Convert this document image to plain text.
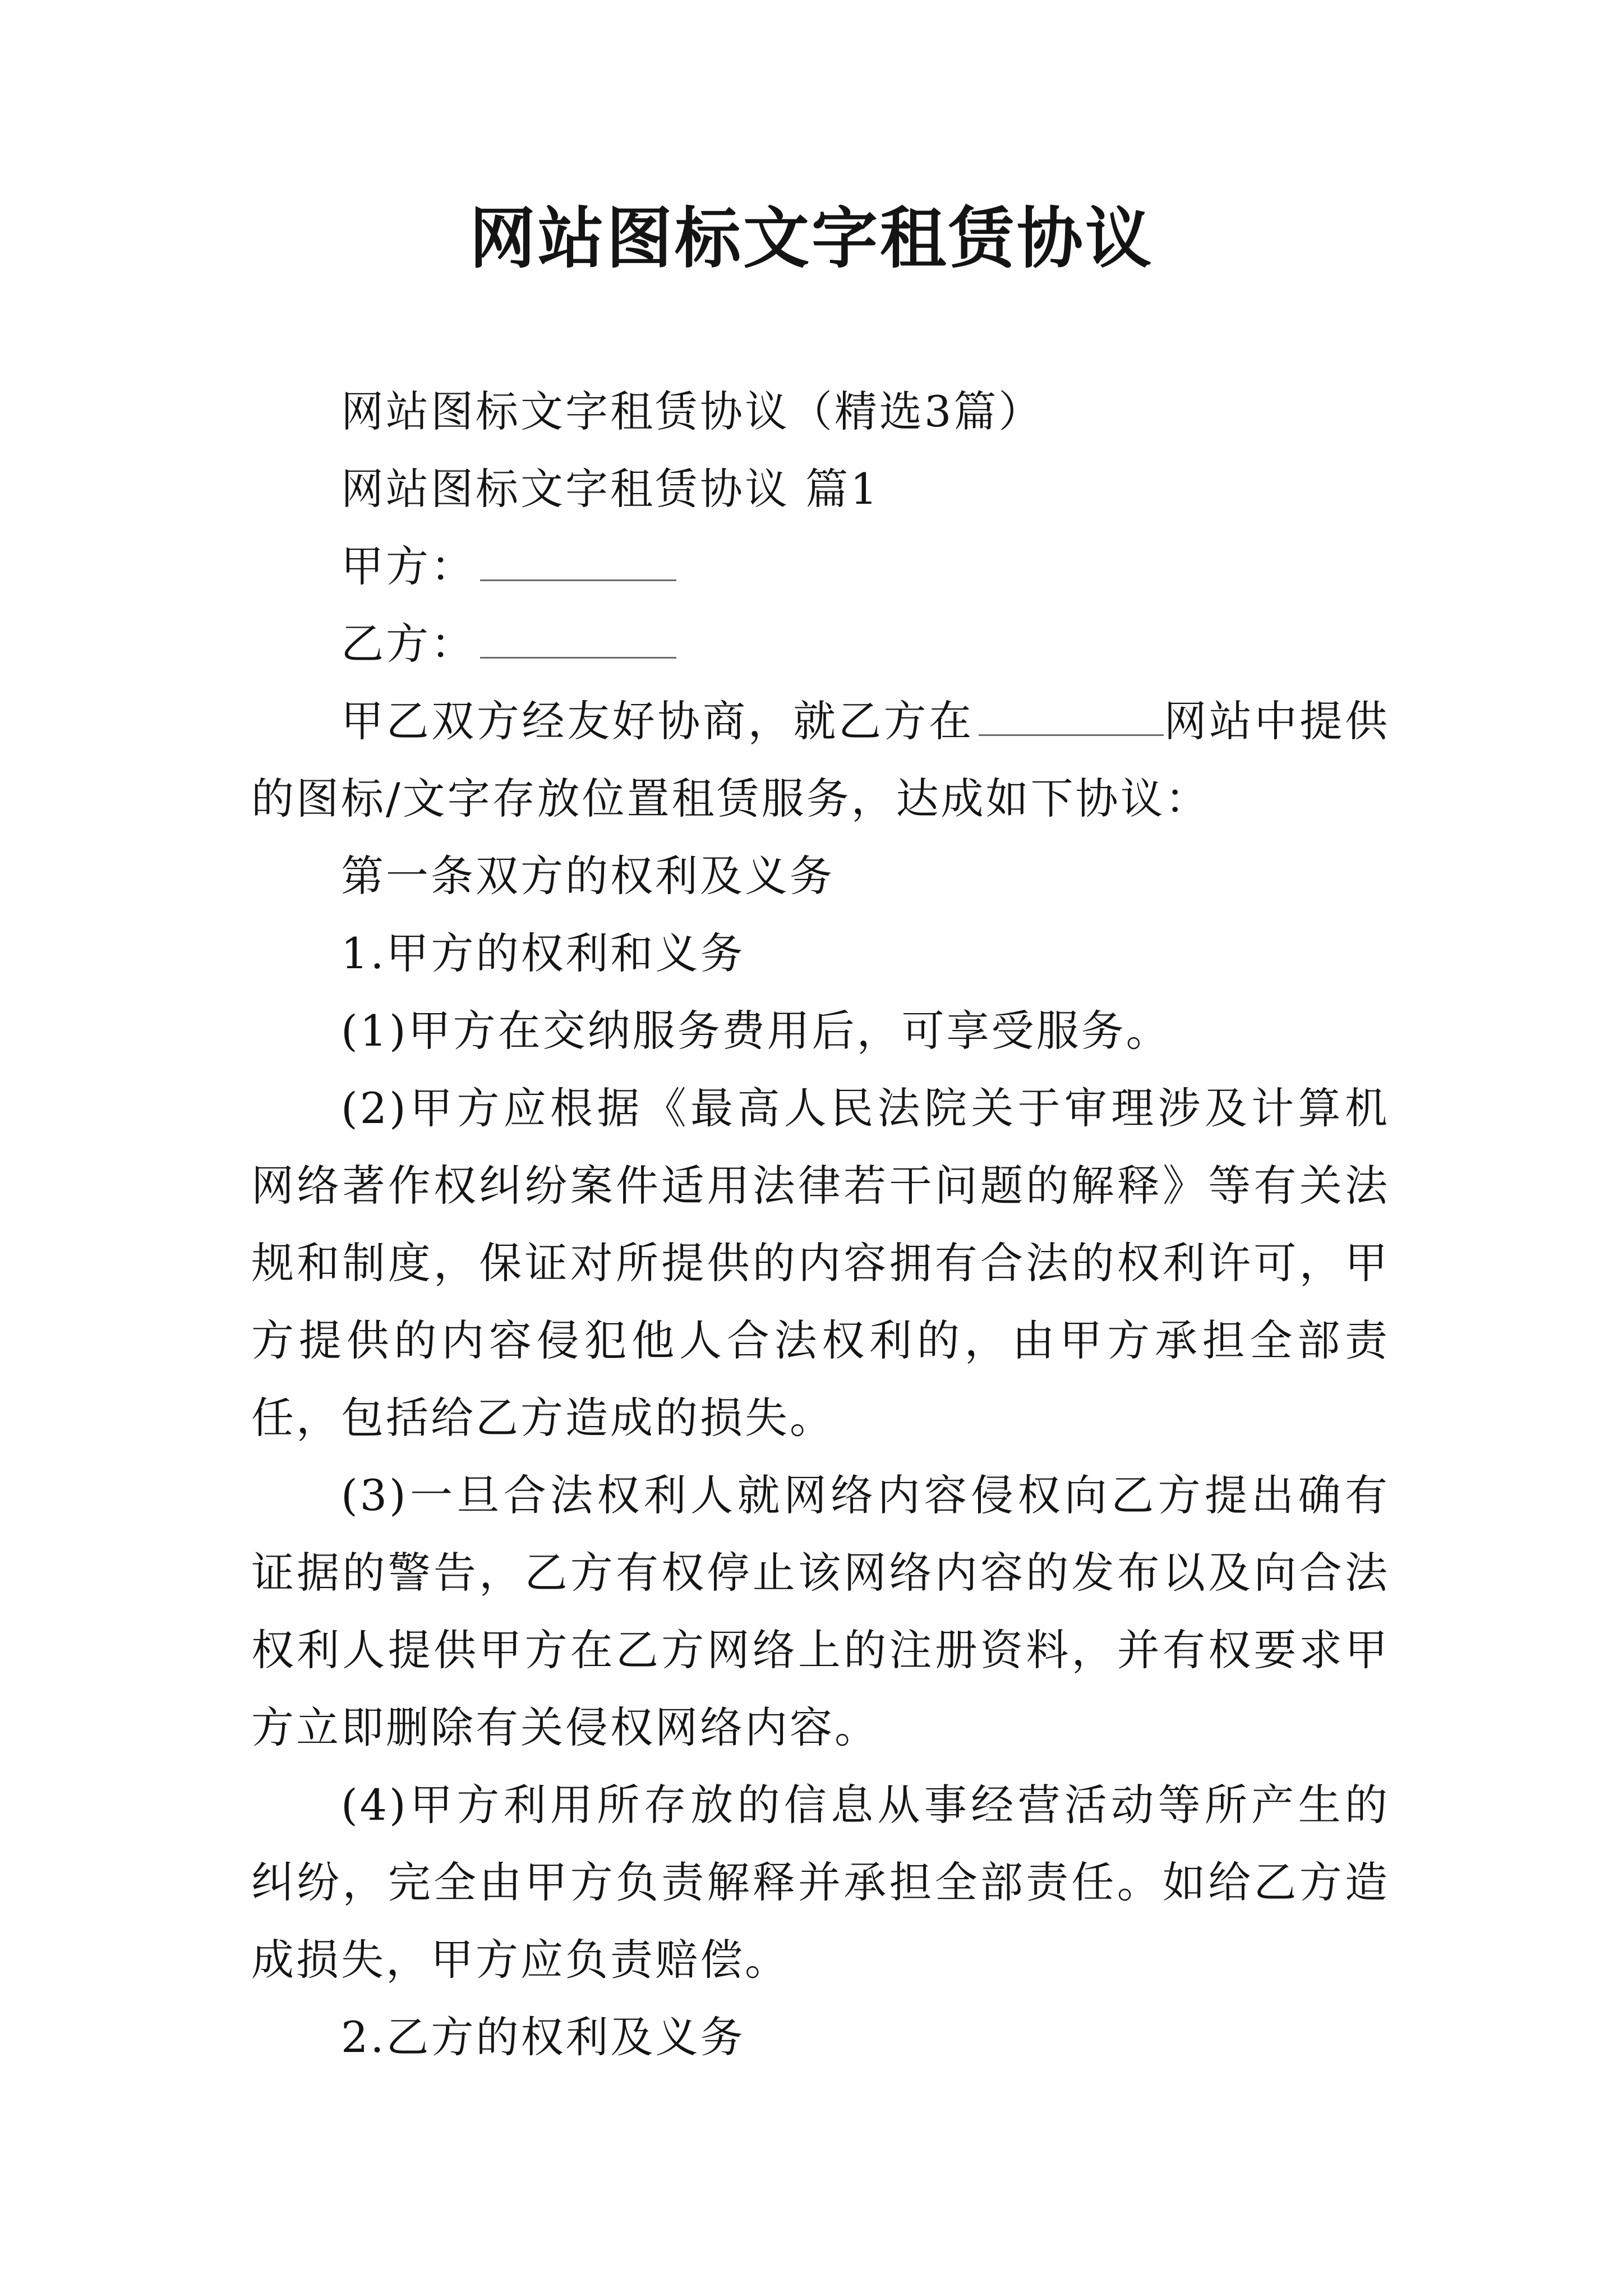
网站图标文字租赁协议

网站图标文字租赁协议（精选3篇）

网站图标文字租赁协议 篇1

甲方：

乙方：

甲乙双方经友好协商，就乙方在	网站中提供的图标/文字存放位置租赁服务，达成如下协议：

第一条双方的权利及义务

1.甲方的权利和义务

(1)甲方在交纳服务费用后，可享受服务。

(2)甲方应根据《最高人民法院关于审理涉及计算机网络著作权纠纷案件适用法律若干问题的解释》等有关法规和制度，保证对所提供的内容拥有合法的权利许可，甲方提供的内容侵犯他人合法权利的，由甲方承担全部责任，包括给乙方造成的损失。

(3)一旦合法权利人就网络内容侵权向乙方提出确有证据的警告，乙方有权停止该网络内容的发布以及向合法权利人提供甲方在乙方网络上的注册资料，并有权要求甲方立即删除有关侵权网络内容。

(4)甲方利用所存放的信息从事经营活动等所产生的纠纷，完全由甲方负责解释并承担全部责任。如给乙方造成损失，甲方应负责赔偿。

2.乙方的权利及义务
